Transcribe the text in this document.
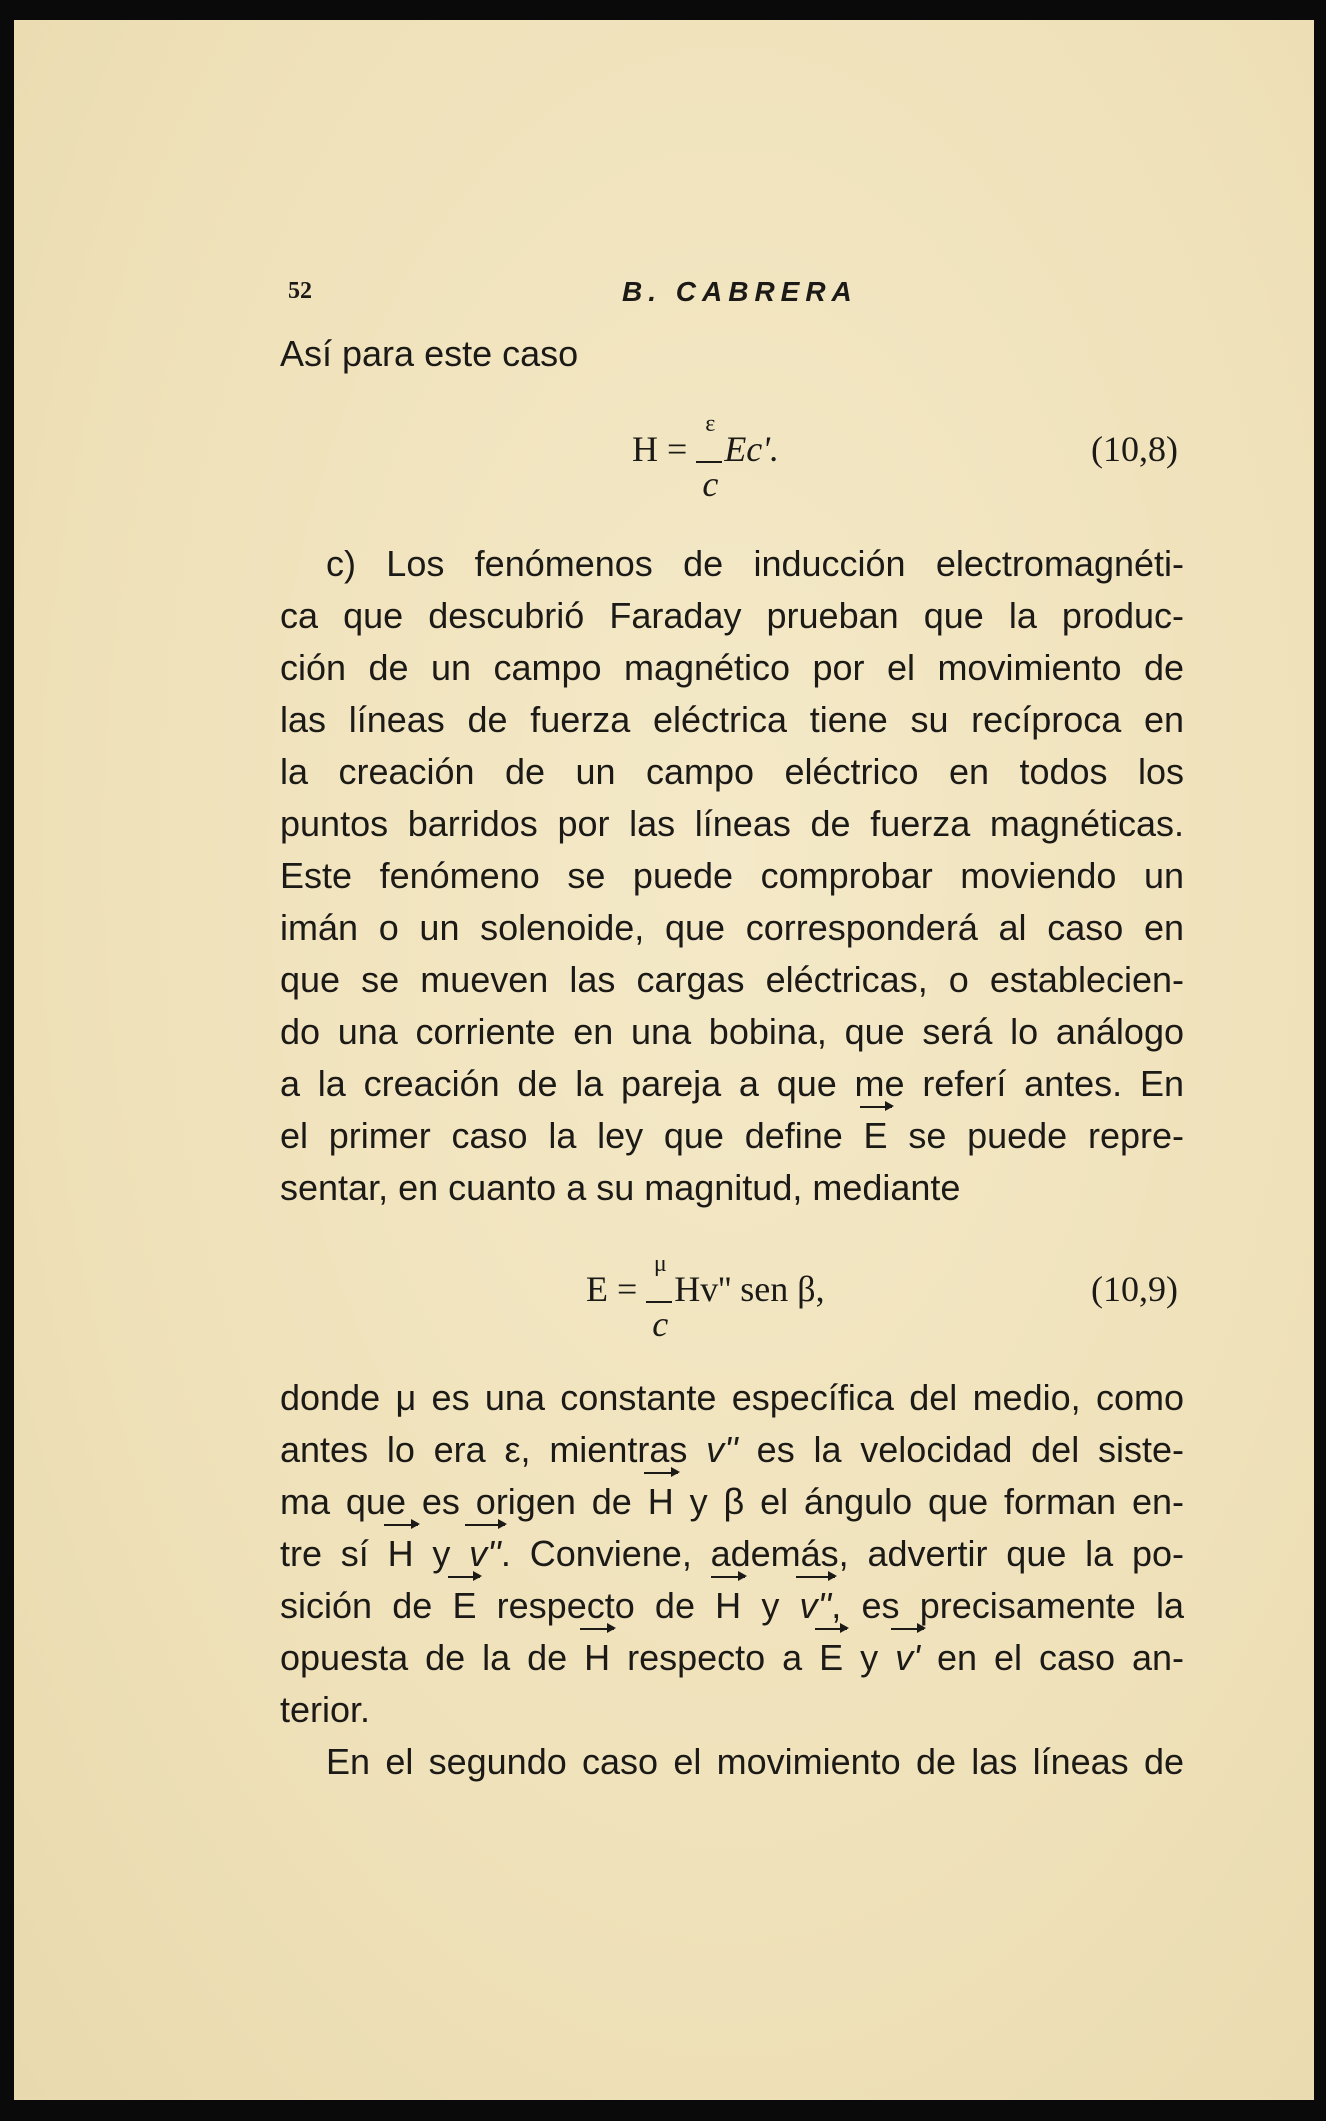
52	B. CABRERA
Así para este caso
$H = \frac{\varepsilon}{c} Ec'$.	(10,8)
c) Los fenómenos de inducción electromagnéti-
ca que descubrió Faraday prueban que la produc-
ción de un campo magnético por el movimiento de
las líneas de fuerza eléctrica tiene su recíproca en
la creación de un campo eléctrico en todos los
puntos barridos por las líneas de fuerza magnéticas.
Este fenómeno se puede comprobar moviendo un
imán o un solenoide, que corresponderá al caso en
que se mueven las cargas eléctricas, o establecien-
do una corriente en una bobina, que será lo análogo
a la creación de la pareja a que me referí antes. En
el primer caso la ley que define E se puede repre-
sentar, en cuanto a su magnitud, mediante
$E = \frac{\mu}{c} Hv''$ sen β,	(10,9)
donde μ es una constante específica del medio, como
antes lo era ε, mientras v'' es la velocidad del siste-
ma que es origen de H y β el ángulo que forman en-
tre sí H y v''. Conviene, además, advertir que la po-
sición de E respecto de H y v'', es precisamente la
opuesta de la de H respecto a E y v' en el caso an-
terior.
En el segundo caso el movimiento de las líneas de
